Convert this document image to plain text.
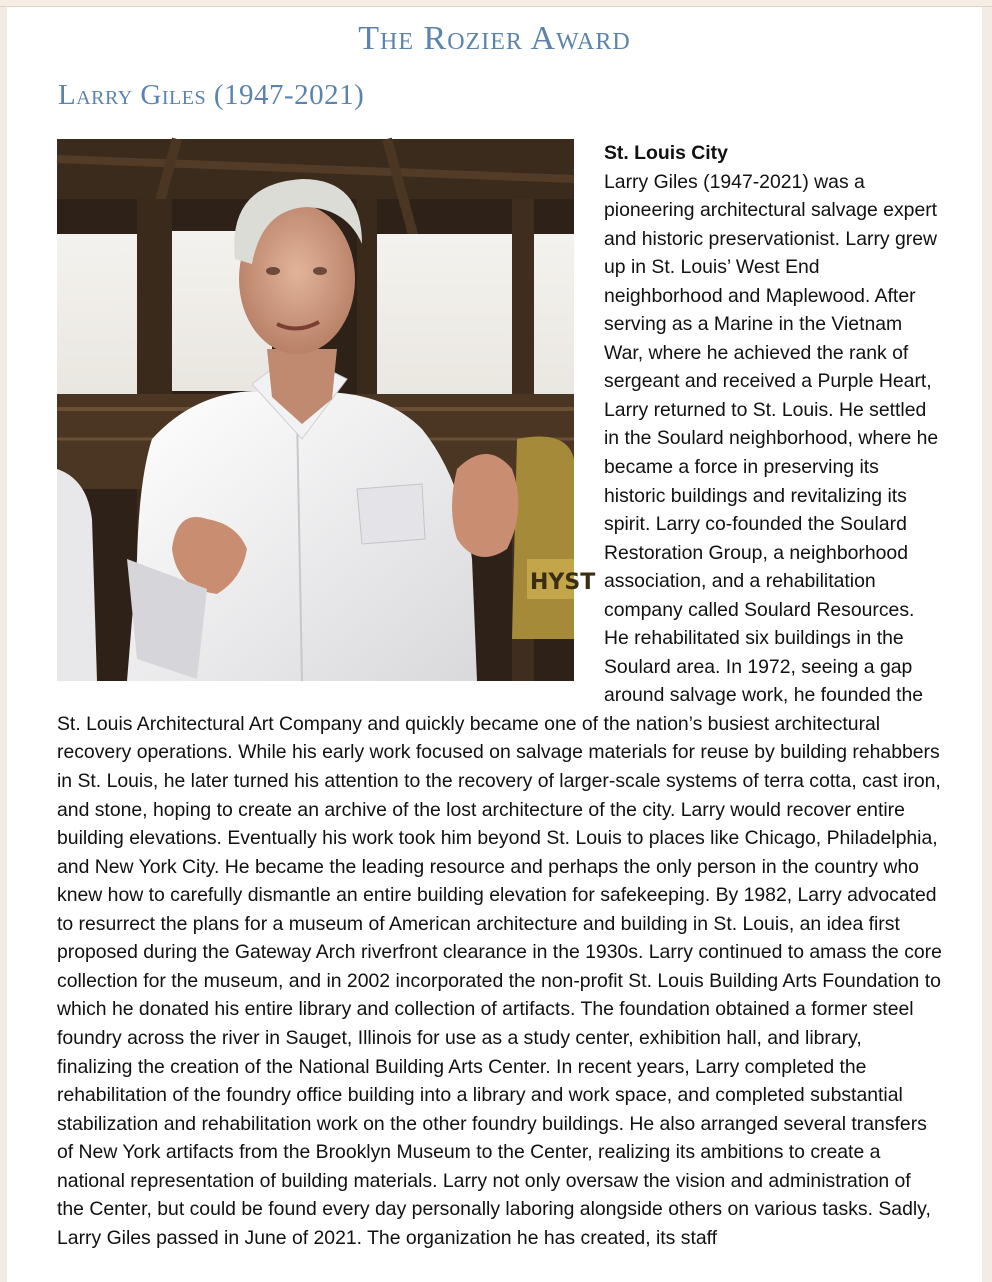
The Rozier Award
Larry Giles (1947-2021)
HYST
St. Louis City
Larry Giles (1947-2021) was a pioneering architectural salvage expert and historic preservationist. Larry grew up in St. Louis’ West End neighborhood and Maplewood. After serving as a Marine in the Vietnam War, where he achieved the rank of sergeant and received a Purple Heart, Larry returned to St. Louis. He settled in the Soulard neighborhood, where he became a force in preserving its historic buildings and revitalizing its spirit. Larry co-founded the Soulard Restoration Group, a neighborhood association, and a rehabilitation company called Soulard Resources. He rehabilitated six buildings in the Soulard area. In 1972, seeing a gap around salvage work, he founded the St. Louis Architectural Art Company and quickly became one of the nation’s busiest architectural recovery operations. While his early work focused on salvage materials for reuse by building rehabbers in St. Louis, he later turned his attention to the recovery of larger-scale systems of terra cotta, cast iron, and stone, hoping to create an archive of the lost architecture of the city. Larry would recover entire building elevations. Eventually his work took him beyond St. Louis to places like Chicago, Philadelphia, and New York City. He became the leading resource and perhaps the only person in the country who knew how to carefully dismantle an entire building elevation for safekeeping. By 1982, Larry advocated to resurrect the plans for a museum of American architecture and building in St. Louis, an idea first proposed during the Gateway Arch riverfront clearance in the 1930s. Larry continued to amass the core collection for the museum, and in 2002 incorporated the non-profit St. Louis Building Arts Foundation to which he donated his entire library and collection of artifacts. The foundation obtained a former steel foundry across the river in Sauget, Illinois for use as a study center, exhibition hall, and library, finalizing the creation of the National Building Arts Center. In recent years, Larry completed the rehabilitation of the foundry office building into a library and work space, and completed substantial stabilization and rehabilitation work on the other foundry buildings. He also arranged several transfers of New York artifacts from the Brooklyn Museum to the Center, realizing its ambitions to create a national representation of building materials. Larry not only oversaw the vision and administration of the Center, but could be found every day personally laboring alongside others on various tasks. Sadly, Larry Giles passed in June of 2021. The organization he has created, its staff
